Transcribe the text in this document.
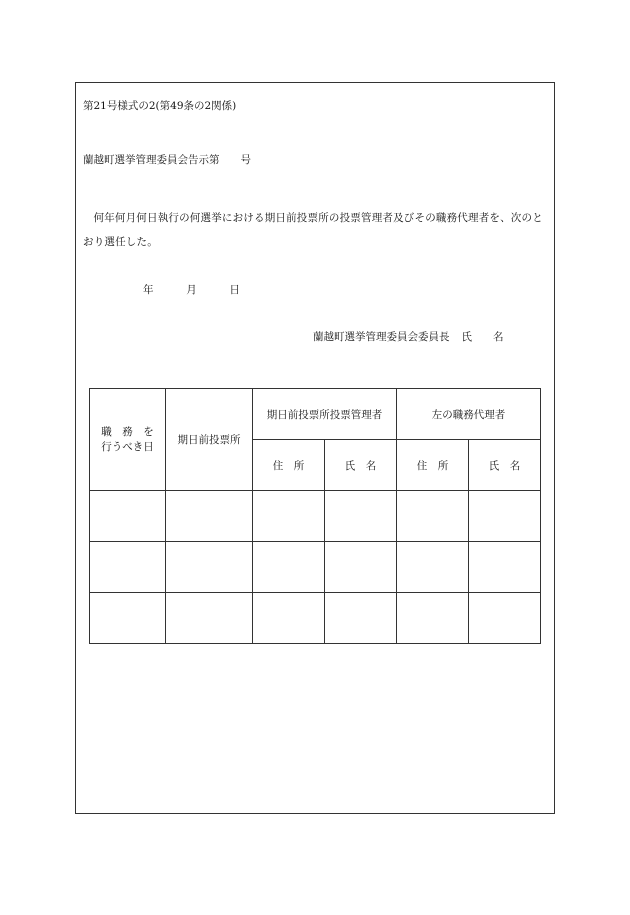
第21号様式の2(第49条の2関係)
蘭越町選挙管理委員会告示第　　号
何年何月何日執行の何選挙における期日前投票所の投票管理者及びその職務代理者を、次のとおり選任した。
年	月	日
蘭越町選挙管理委員会委員長 氏　　名
職　務　を
行うべき日	期日前投票所	期日前投票所投票管理者		左の職務代理者	
		住　所	氏　名	住　所	氏　名
